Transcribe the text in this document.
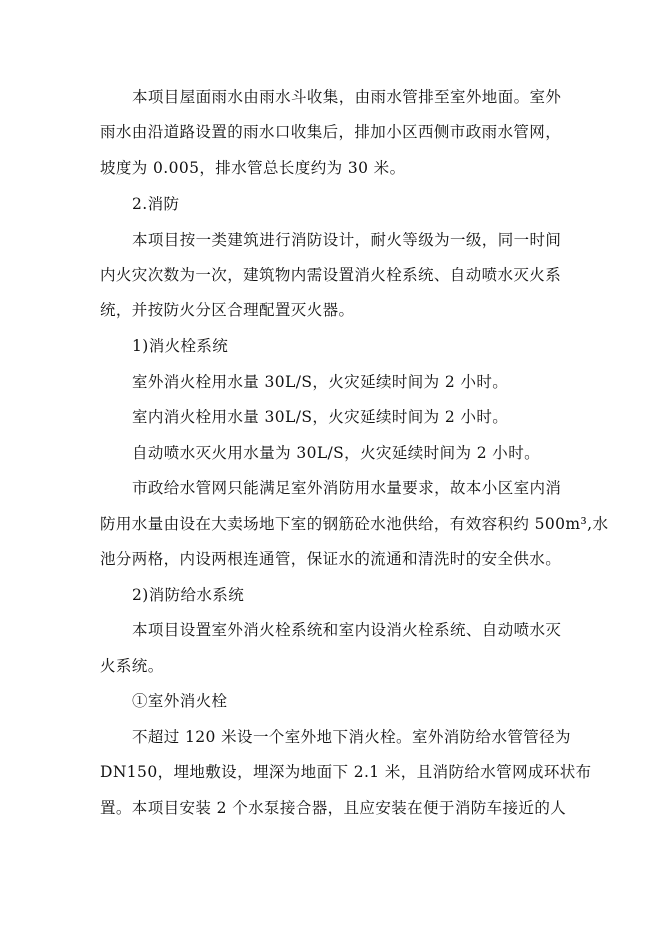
本项目屋面雨水由雨水斗收集，由雨水管排至室外地面。室外
雨水由沿道路设置的雨水口收集后，排加小区西侧市政雨水管网，
坡度为 0.005，排水管总长度约为 30 米。
2.消防
本项目按一类建筑进行消防设计，耐火等级为一级，同一时间
内火灾次数为一次，建筑物内需设置消火栓系统、自动喷水灭火系
统，并按防火分区合理配置灭火器。
1)消火栓系统
室外消火栓用水量 30L/S，火灾延续时间为 2 小时。
室内消火栓用水量 30L/S，火灾延续时间为 2 小时。
自动喷水灭火用水量为 30L/S，火灾延续时间为 2 小时。
市政给水管网只能满足室外消防用水量要求，故本小区室内消
防用水量由设在大卖场地下室的钢筋砼水池供给，有效容积约 500m³,水
池分两格，内设两根连通管，保证水的流通和清洗时的安全供水。
2)消防给水系统
本项目设置室外消火栓系统和室内设消火栓系统、自动喷水灭
火系统。
①室外消火栓
不超过 120 米设一个室外地下消火栓。室外消防给水管管径为
DN150，埋地敷设，埋深为地面下 2.1 米，且消防给水管网成环状布
置。本项目安装 2 个水泵接合器，且应安装在便于消防车接近的人
